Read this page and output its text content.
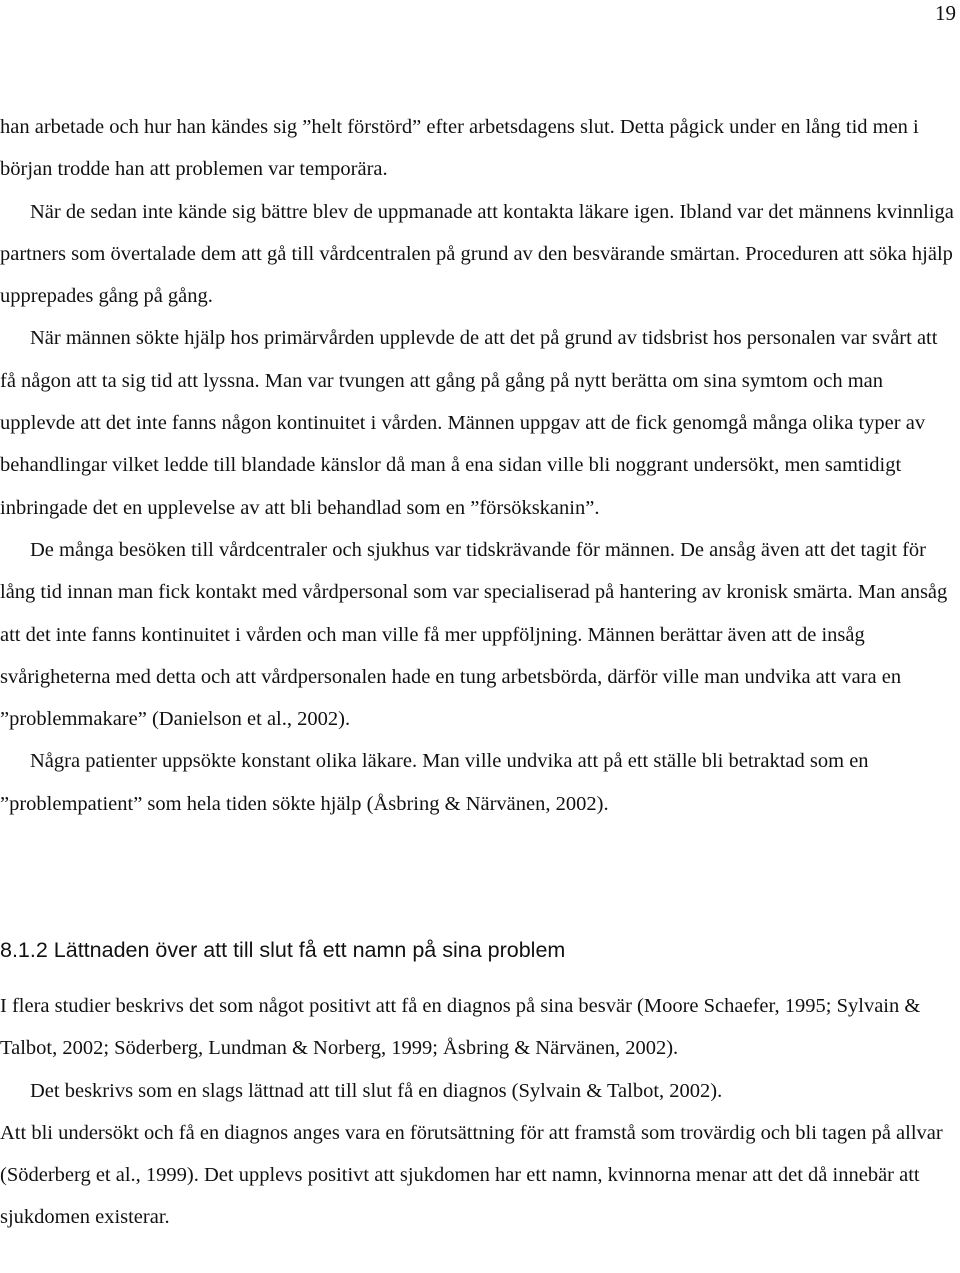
19

han arbetade och hur han kändes sig ”helt förstörd” efter arbetsdagens slut. Detta pågick under en lång tid men i början trodde han att problemen var temporära.

När de sedan inte kände sig bättre blev de uppmanade att kontakta läkare igen. Ibland var det männens kvinnliga partners som övertalade dem att gå till vårdcentralen på grund av den besvärande smärtan. Proceduren att söka hjälp upprepades gång på gång.

När männen sökte hjälp hos primärvården upplevde de att det på grund av tidsbrist hos personalen var svårt att få någon att ta sig tid att lyssna. Man var tvungen att gång på gång på nytt berätta om sina symtom och man upplevde att det inte fanns någon kontinuitet i vården. Männen uppgav att de fick genomgå många olika typer av behandlingar vilket ledde till blandade känslor då man å ena sidan ville bli noggrant undersökt, men samtidigt inbringade det en upplevelse av att bli behandlad som en ”försökskanin”.

De många besöken till vårdcentraler och sjukhus var tidskrävande för männen. De ansåg även att det tagit för lång tid innan man fick kontakt med vårdpersonal som var specialiserad på hantering av kronisk smärta. Man ansåg att det inte fanns kontinuitet i vården och man ville få mer uppföljning. Männen berättar även att de insåg svårigheterna med detta och att vårdpersonalen hade en tung arbetsbörda, därför ville man undvika att vara en ”problemmakare” (Danielson et al., 2002).

Några patienter uppsökte konstant olika läkare. Man ville undvika att på ett ställe bli betraktad som en ”problempatient” som hela tiden sökte hjälp (Åsbring & Närvänen, 2002).

8.1.2 Lättnaden över att till slut få ett namn på sina problem

I flera studier beskrivs det som något positivt att få en diagnos på sina besvär (Moore Schaefer, 1995; Sylvain & Talbot, 2002; Söderberg, Lundman & Norberg, 1999; Åsbring & Närvänen, 2002).

Det beskrivs som en slags lättnad att till slut få en diagnos (Sylvain & Talbot, 2002).

Att bli undersökt och få en diagnos anges vara en förutsättning för att framstå som trovärdig och bli tagen på allvar (Söderberg et al., 1999). Det upplevs positivt att sjukdomen har ett namn, kvinnorna menar att det då innebär att sjukdomen existerar.
